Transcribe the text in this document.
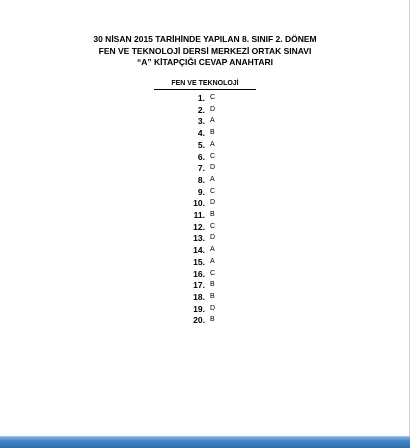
30 NİSAN 2015 TARİHİNDE YAPILAN 8. SINIF 2. DÖNEM
FEN VE TEKNOLOJİ DERSİ MERKEZİ ORTAK SINAVI
“A” KİTAPÇIĞI CEVAP ANAHTARI
FEN VE TEKNOLOJİ
1. C
2. D
3. A
4. B
5. A
6. C
7. D
8. A
9. C
10. D
11. B
12. C
13. D
14. A
15. A
16. C
17. B
18. B
19. D
20. B
